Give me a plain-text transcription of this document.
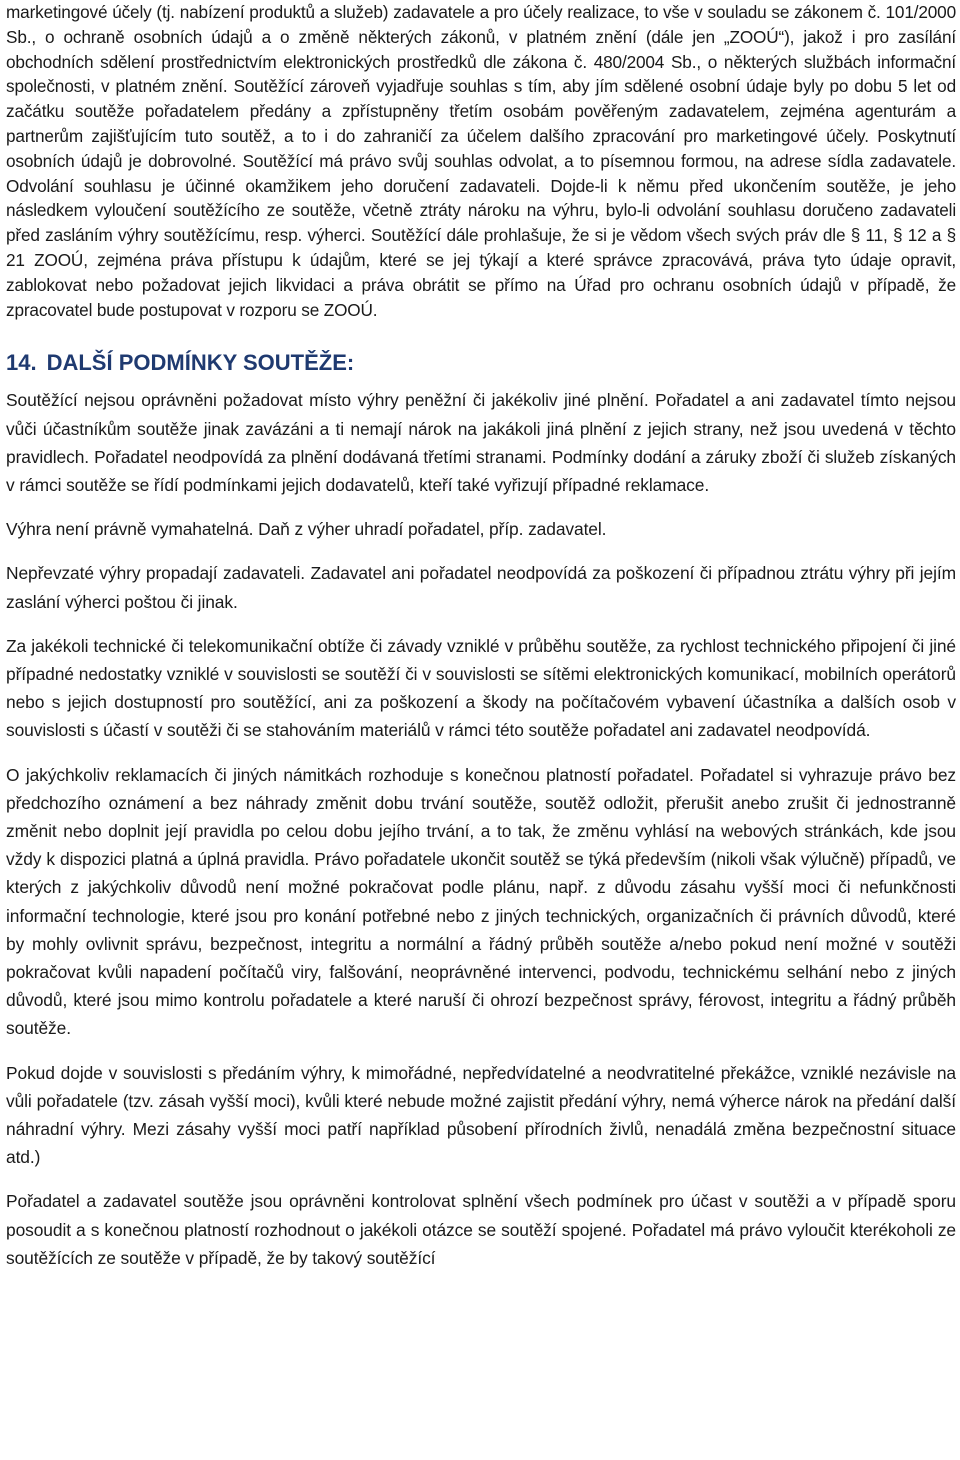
marketingové účely (tj. nabízení produktů a služeb) zadavatele a pro účely realizace, to vše v souladu se zákonem č. 101/2000 Sb., o ochraně osobních údajů a o změně některých zákonů, v platném znění (dále jen „ZOOÚ“), jakož i pro zasílání obchodních sdělení prostřednictvím elektronických prostředků dle zákona č. 480/2004 Sb., o některých službách informační společnosti, v platném znění. Soutěžící zároveň vyjadřuje souhlas s tím, aby jím sdělené osobní údaje byly po dobu 5 let od začátku soutěže pořadatelem předány a zpřístupněny třetím osobám pověřeným zadavatelem, zejména agenturám a partnerům zajišťujícím tuto soutěž, a to i do zahraničí za účelem dalšího zpracování pro marketingové účely. Poskytnutí osobních údajů je dobrovolné. Soutěžící má právo svůj souhlas odvolat, a to písemnou formou, na adrese sídla zadavatele. Odvolání souhlasu je účinné okamžikem jeho doručení zadavateli. Dojde-li k němu před ukončením soutěže, je jeho následkem vyloučení soutěžícího ze soutěže, včetně ztráty nároku na výhru, bylo-li odvolání souhlasu doručeno zadavateli před zasláním výhry soutěžícímu, resp. výherci. Soutěžící dále prohlašuje, že si je vědom všech svých práv dle § 11, § 12 a § 21 ZOOÚ, zejména práva přístupu k údajům, které se jej týkají a které správce zpracovává, práva tyto údaje opravit, zablokovat nebo požadovat jejich likvidaci a práva obrátit se přímo na Úřad pro ochranu osobních údajů v případě, že zpracovatel bude postupovat v rozporu se ZOOÚ.

14. DALŠÍ PODMÍNKY SOUTĚŽE:

Soutěžící nejsou oprávněni požadovat místo výhry peněžní či jakékoliv jiné plnění. Pořadatel a ani zadavatel tímto nejsou vůči účastníkům soutěže jinak zavázáni a ti nemají nárok na jakákoli jiná plnění z jejich strany, než jsou uvedená v těchto pravidlech. Pořadatel neodpovídá za plnění dodávaná třetími stranami. Podmínky dodání a záruky zboží či služeb získaných v rámci soutěže se řídí podmínkami jejich dodavatelů, kteří také vyřizují případné reklamace.

Výhra není právně vymahatelná. Daň z výher uhradí pořadatel, příp. zadavatel.

Nepřevzaté výhry propadají zadavateli. Zadavatel ani pořadatel neodpovídá za poškození či případnou ztrátu výhry při jejím zaslání výherci poštou či jinak.

Za jakékoli technické či telekomunikační obtíže či závady vzniklé v průběhu soutěže, za rychlost technického připojení či jiné případné nedostatky vzniklé v souvislosti se soutěží či v souvislosti se sítěmi elektronických komunikací, mobilních operátorů nebo s jejich dostupností pro soutěžící, ani za poškození a škody na počítačovém vybavení účastníka a dalších osob v souvislosti s účastí v soutěži či se stahováním materiálů v rámci této soutěže pořadatel ani zadavatel neodpovídá.

O jakýchkoliv reklamacích či jiných námitkách rozhoduje s konečnou platností pořadatel. Pořadatel si vyhrazuje právo bez předchozího oznámení a bez náhrady změnit dobu trvání soutěže, soutěž odložit, přerušit anebo zrušit či jednostranně změnit nebo doplnit její pravidla po celou dobu jejího trvání, a to tak, že změnu vyhlásí na webových stránkách, kde jsou vždy k dispozici platná a úplná pravidla. Právo pořadatele ukončit soutěž se týká především (nikoli však výlučně) případů, ve kterých z jakýchkoliv důvodů není možné pokračovat podle plánu, např. z důvodu zásahu vyšší moci či nefunkčnosti informační technologie, které jsou pro konání potřebné nebo z jiných technických, organizačních či právních důvodů, které by mohly ovlivnit správu, bezpečnost, integritu a normální a řádný průběh soutěže a/nebo pokud není možné v soutěži pokračovat kvůli napadení počítačů viry, falšování, neoprávněné intervenci, podvodu, technickému selhání nebo z jiných důvodů, které jsou mimo kontrolu pořadatele a které naruší či ohrozí bezpečnost správy, férovost, integritu a řádný průběh soutěže.

Pokud dojde v souvislosti s předáním výhry, k mimořádné, nepředvídatelné a neodvratitelné překážce, vzniklé nezávisle na vůli pořadatele (tzv. zásah vyšší moci), kvůli které nebude možné zajistit předání výhry, nemá výherce nárok na předání další náhradní výhry. Mezi zásahy vyšší moci patří například působení přírodních živlů, nenadálá změna bezpečnostní situace atd.)

Pořadatel a zadavatel soutěže jsou oprávněni kontrolovat splnění všech podmínek pro účast v soutěži a v případě sporu posoudit a s konečnou platností rozhodnout o jakékoli otázce se soutěží spojené. Pořadatel má právo vyloučit kterékoholi ze soutěžících ze soutěže v případě, že by takový soutěžící
